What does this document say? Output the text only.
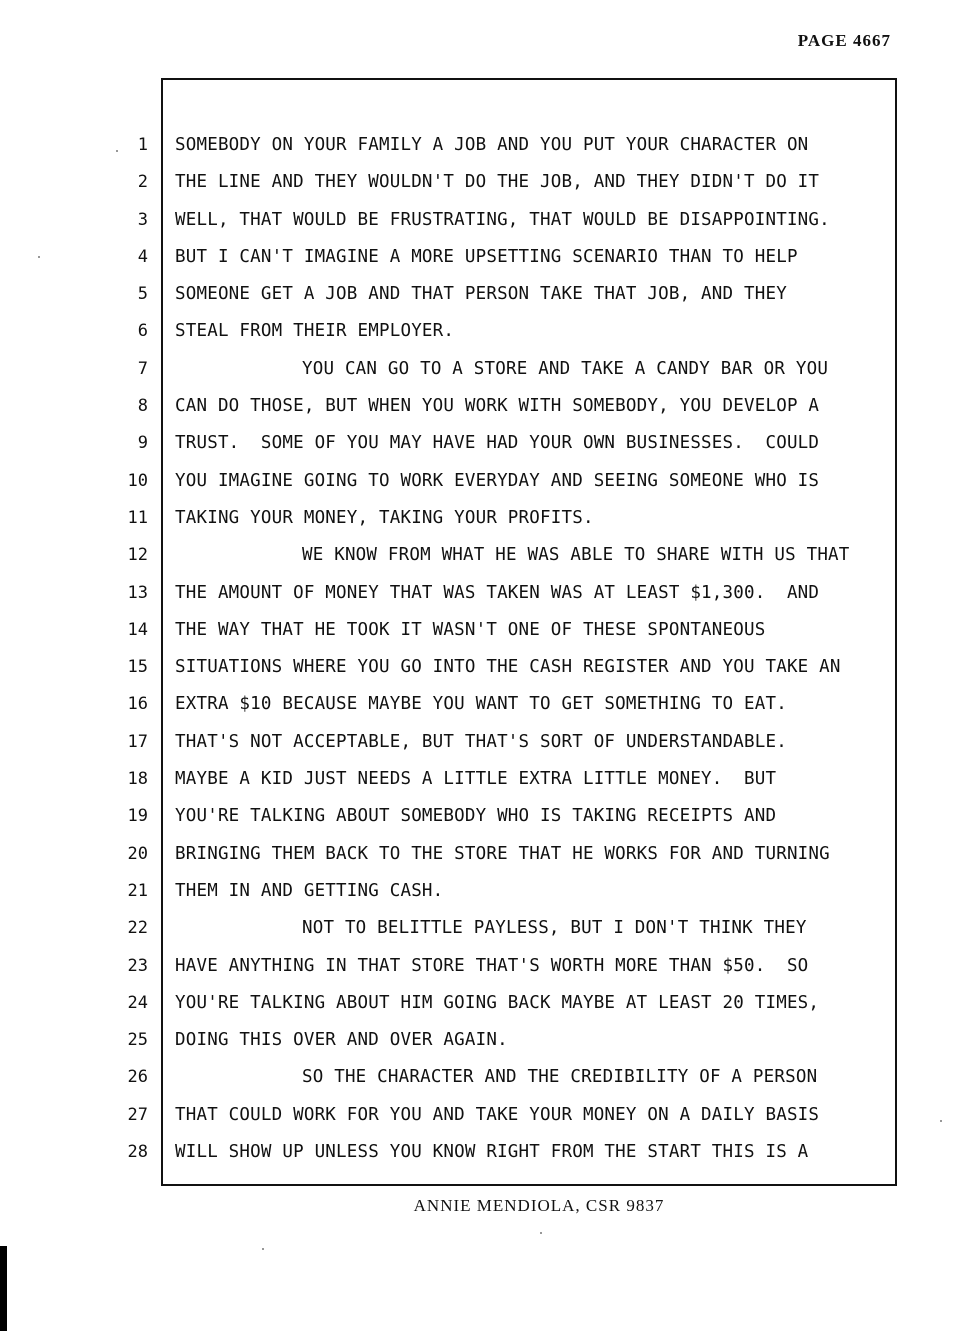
PAGE 4667
1
2
3
4
5
6
7
8
9
10
11
12
13
14
15
16
17
18
19
20
21
22
23
24
25
26
27
28
SOMEBODY ON YOUR FAMILY A JOB AND YOU PUT YOUR CHARACTER ON
THE LINE AND THEY WOULDN'T DO THE JOB, AND THEY DIDN'T DO IT
WELL, THAT WOULD BE FRUSTRATING, THAT WOULD BE DISAPPOINTING.
BUT I CAN'T IMAGINE A MORE UPSETTING SCENARIO THAN TO HELP
SOMEONE GET A JOB AND THAT PERSON TAKE THAT JOB, AND THEY
STEAL FROM THEIR EMPLOYER.
YOU CAN GO TO A STORE AND TAKE A CANDY BAR OR YOU
CAN DO THOSE, BUT WHEN YOU WORK WITH SOMEBODY, YOU DEVELOP A
TRUST.  SOME OF YOU MAY HAVE HAD YOUR OWN BUSINESSES.  COULD
YOU IMAGINE GOING TO WORK EVERYDAY AND SEEING SOMEONE WHO IS
TAKING YOUR MONEY, TAKING YOUR PROFITS.
WE KNOW FROM WHAT HE WAS ABLE TO SHARE WITH US THAT
THE AMOUNT OF MONEY THAT WAS TAKEN WAS AT LEAST $1,300.  AND
THE WAY THAT HE TOOK IT WASN'T ONE OF THESE SPONTANEOUS
SITUATIONS WHERE YOU GO INTO THE CASH REGISTER AND YOU TAKE AN
EXTRA $10 BECAUSE MAYBE YOU WANT TO GET SOMETHING TO EAT.
THAT'S NOT ACCEPTABLE, BUT THAT'S SORT OF UNDERSTANDABLE.
MAYBE A KID JUST NEEDS A LITTLE EXTRA LITTLE MONEY.  BUT
YOU'RE TALKING ABOUT SOMEBODY WHO IS TAKING RECEIPTS AND
BRINGING THEM BACK TO THE STORE THAT HE WORKS FOR AND TURNING
THEM IN AND GETTING CASH.
NOT TO BELITTLE PAYLESS, BUT I DON'T THINK THEY
HAVE ANYTHING IN THAT STORE THAT'S WORTH MORE THAN $50.  SO
YOU'RE TALKING ABOUT HIM GOING BACK MAYBE AT LEAST 20 TIMES,
DOING THIS OVER AND OVER AGAIN.
SO THE CHARACTER AND THE CREDIBILITY OF A PERSON
THAT COULD WORK FOR YOU AND TAKE YOUR MONEY ON A DAILY BASIS
WILL SHOW UP UNLESS YOU KNOW RIGHT FROM THE START THIS IS A
ANNIE MENDIOLA, CSR 9837
